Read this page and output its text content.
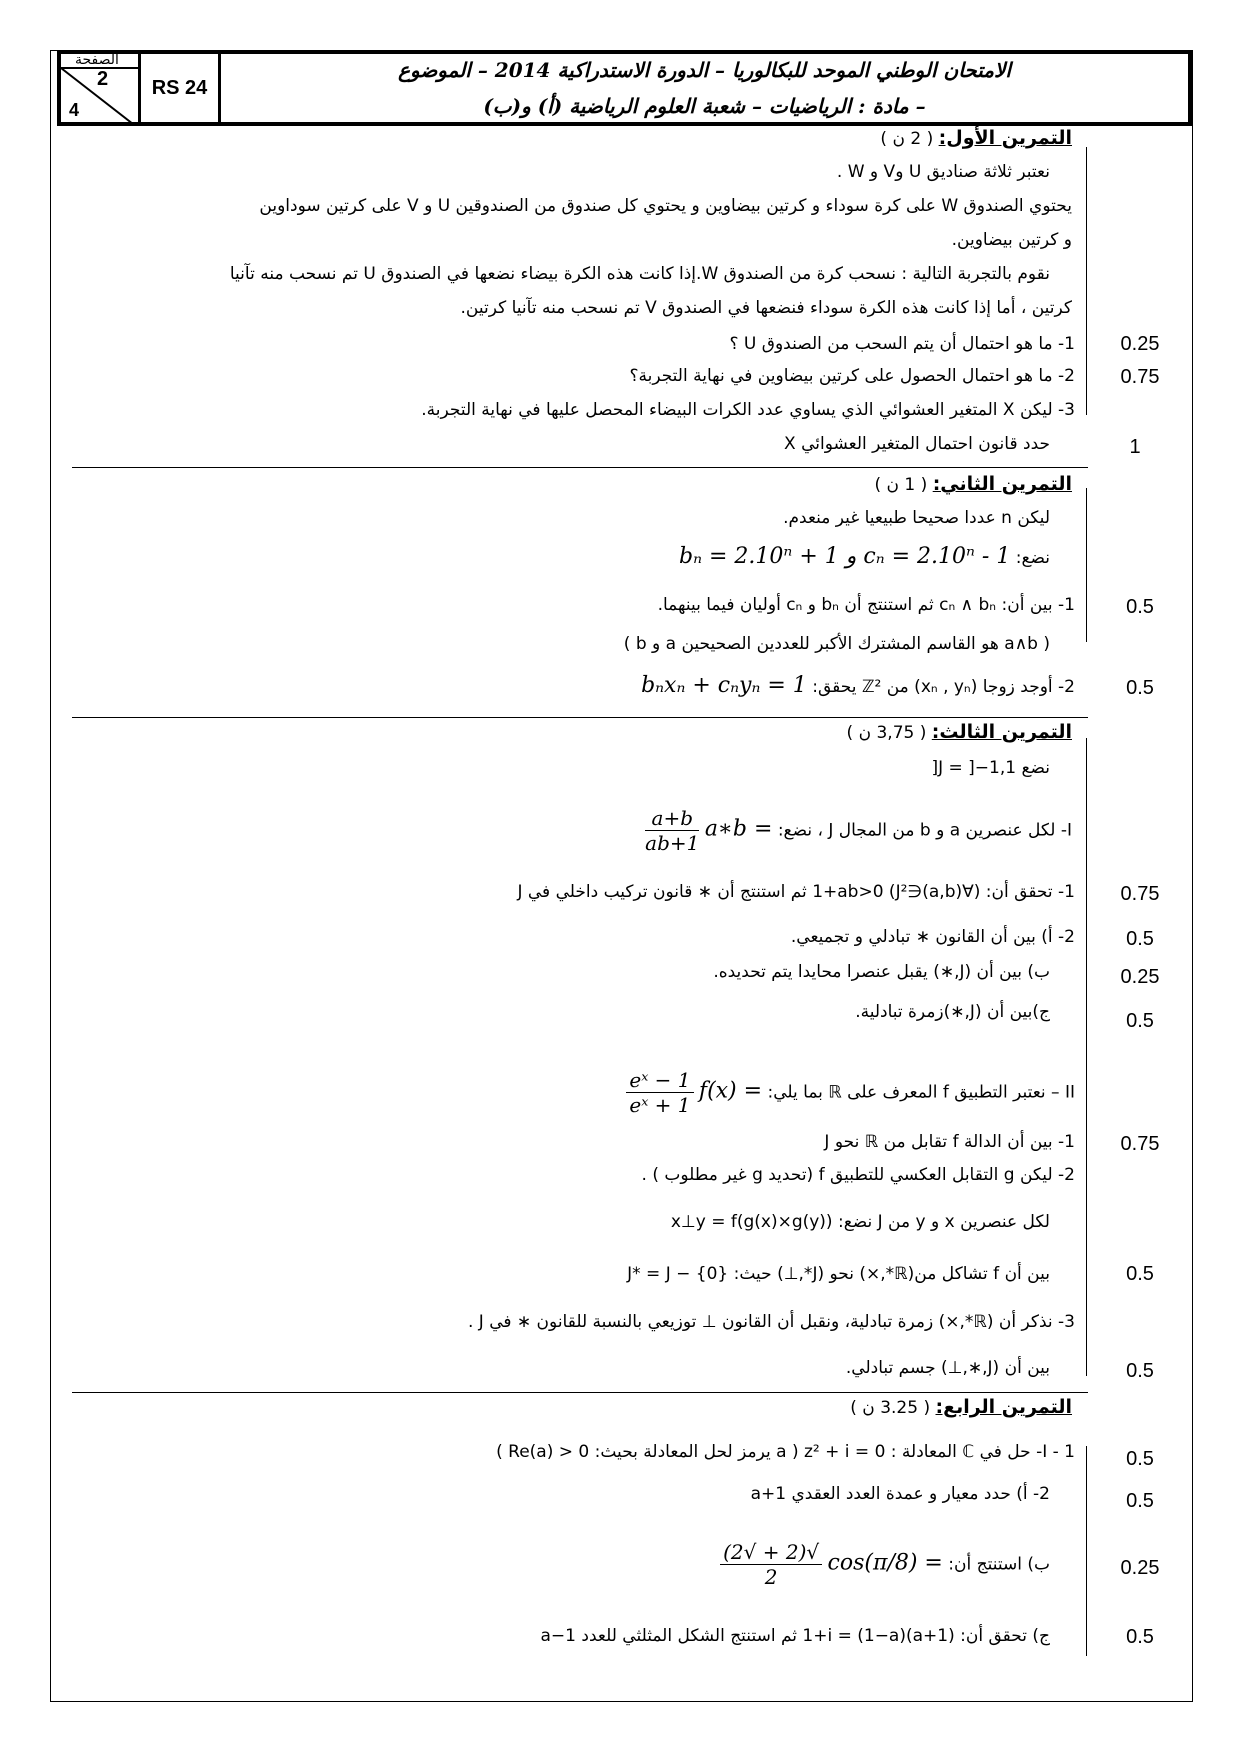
الصفحة
2
4
RS 24
الامتحان الوطني الموحد للبكالوريا – الدورة الاستدراكية 2014 – الموضوع
– مادة : الرياضيات – شعبة العلوم الرياضية (أ) و(ب)
التمرين الأول: ( 2 ن )
نعتبر ثلاثة صناديق U وV و W .
يحتوي الصندوق W على كرة سوداء و كرتين بيضاوين و يحتوي كل صندوق من الصندوقين U و V على كرتين سوداوين
و كرتين بيضاوين.
نقوم بالتجربة التالية : نسحب كرة من الصندوق W.إذا كانت هذه الكرة بيضاء نضعها في الصندوق U تم نسحب منه تآنيا
كرتين ، أما إذا كانت هذه الكرة سوداء فنضعها في الصندوق V تم نسحب منه تآنيا كرتين.
1- ما هو احتمال أن يتم السحب من الصندوق U ؟
2- ما هو احتمال الحصول على كرتين بيضاوين في نهاية التجربة؟
3- ليكن X المتغير العشوائي الذي يساوي عدد الكرات البيضاء المحصل عليها في نهاية التجربة.
حدد قانون احتمال المتغير العشوائي X
0.25
0.75
1
التمرين الثاني: ( 1 ن )
ليكن n عددا صحيحا طبيعيا غير منعدم.
نضع: bₙ = 2.10ⁿ + 1 و cₙ = 2.10ⁿ - 1
1- بين أن: cₙ ∧ bₙ ثم استنتج أن bₙ و cₙ أوليان فيما بينهما.
( a∧b هو القاسم المشترك الأكبر للعددين الصحيحين a و b )
2- أوجد زوجا (xₙ , yₙ) من ℤ² يحقق: bₙxₙ + cₙyₙ = 1
0.5
0.5
التمرين الثالث: ( 3,75 ن )
نضع J = ]−1,1[
I- لكل عنصرين a و b من المجال J ، نضع: a∗b =
$\frac{a+b}{1+ab}$
1- تحقق أن: (∀(a,b)∈J²) 1+ab>0 ثم استنتج أن ∗ قانون تركيب داخلي في J
2- أ) بين أن القانون ∗ تبادلي و تجميعي.
ب) بين أن (J,∗) يقبل عنصرا محايدا يتم تحديده.
ج)بين أن (J,∗)زمرة تبادلية.
II – نعتبر التطبيق f المعرف على ℝ بما يلي: f(x) =
$\frac{\text{eˣ − 1}}{\text{eˣ + 1}}$
1- بين أن الدالة f تقابل من ℝ نحو J
2- ليكن g التقابل العكسي للتطبيق f (تحديد g غير مطلوب ) .
لكل عنصرين x و y من J نضع: x⊥y = f(g(x)×g(y))
بين أن f تشاكل من(ℝ*,×) نحو (J*,⊥) حيث: J* = J − {0}
3- نذكر أن (ℝ*,×) زمرة تبادلية، ونقبل أن القانون ⊥ توزيعي بالنسبة للقانون ∗ في J .
بين أن (J,∗,⊥) جسم تبادلي.
0.75
0.5
0.25
0.5
0.75
0.5
0.5
التمرين الرابع: ( 3.25 ن )
I - 1- حل في ℂ المعادلة : z² + i = 0 ( a يرمز لحل المعادلة بحيث: Re(a) > 0 )
2- أ) حدد معيار و عمدة العدد العقدي 1+a
ب) استنتج أن: cos(π/8) =
$\frac{√(2 + √2)}{2}$
ج) تحقق أن: (1+a)(1−a) = 1+i ثم استنتج الشكل المثلثي للعدد 1−a
0.5
0.5
0.25
0.5
